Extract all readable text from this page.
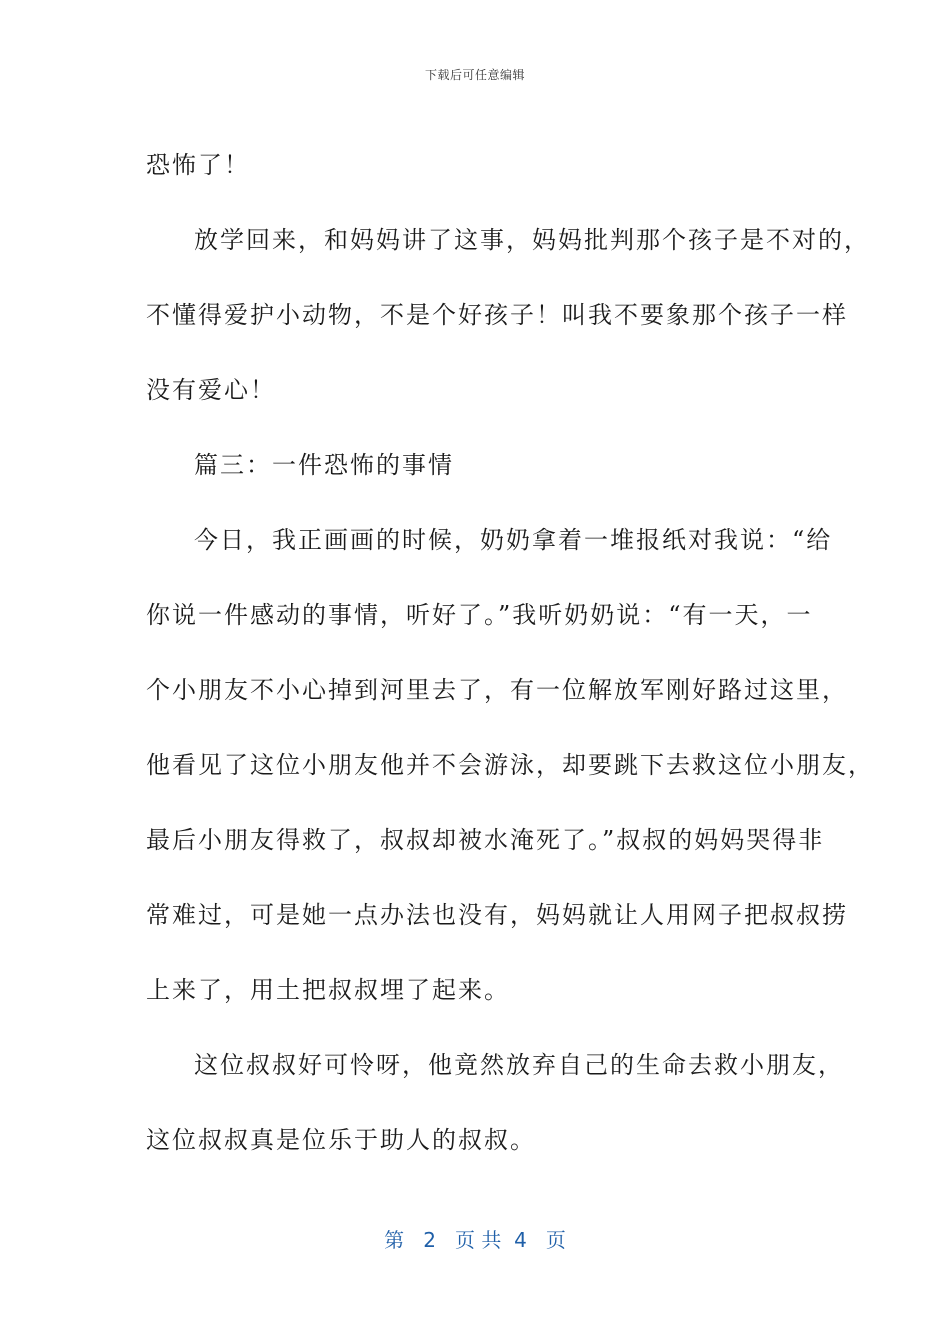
下载后可任意编辑

恐怖了！

放学回来，和妈妈讲了这事，妈妈批判那个孩子是不对的，
不懂得爱护小动物，不是个好孩子！叫我不要象那个孩子一样
没有爱心！

篇三：一件恐怖的事情

今日，我正画画的时候，奶奶拿着一堆报纸对我说：“给
你说一件感动的事情，听好了。”我听奶奶说：“有一天，一
个小朋友不小心掉到河里去了，有一位解放军刚好路过这里，
他看见了这位小朋友他并不会游泳，却要跳下去救这位小朋友，
最后小朋友得救了，叔叔却被水淹死了。”叔叔的妈妈哭得非
常难过，可是她一点办法也没有，妈妈就让人用网子把叔叔捞
上来了，用土把叔叔埋了起来。

这位叔叔好可怜呀，他竟然放弃自己的生命去救小朋友，
这位叔叔真是位乐于助人的叔叔。

第 2 页 共 4 页
